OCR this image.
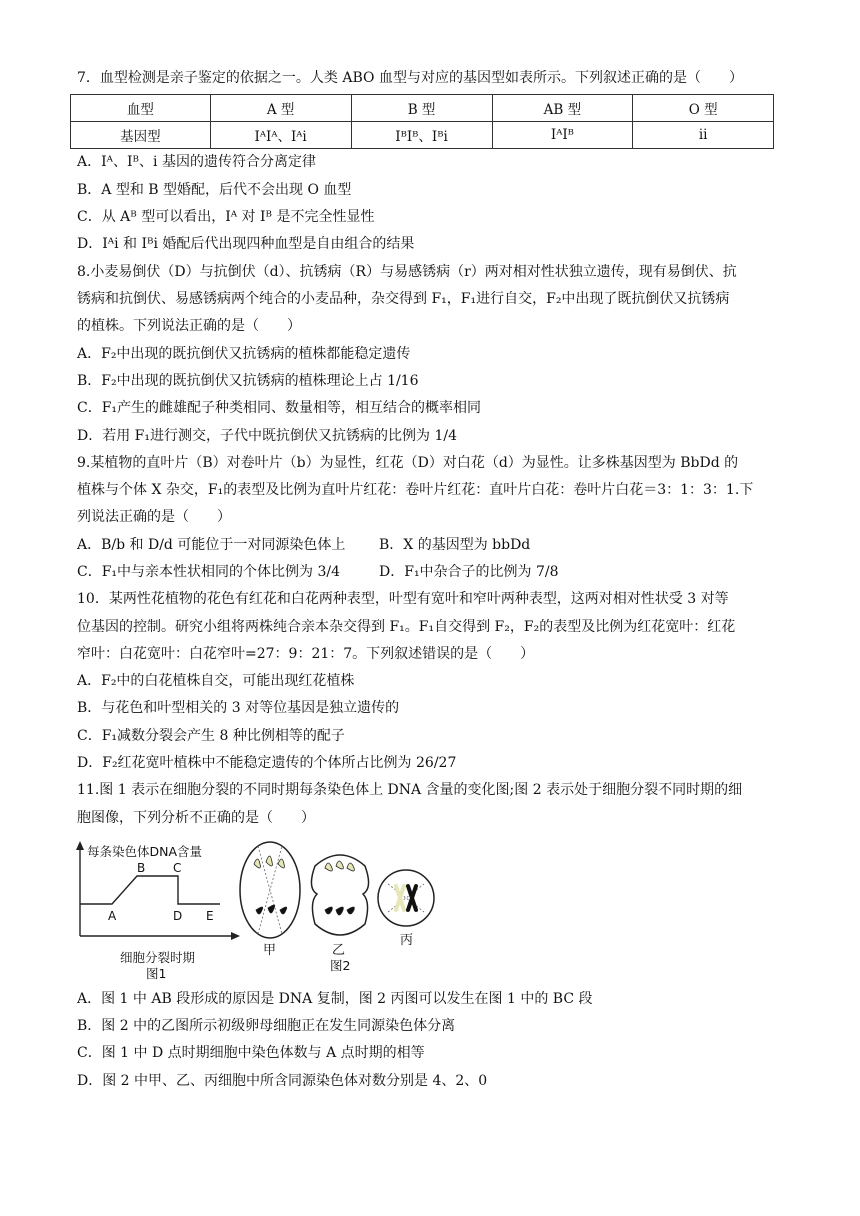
7．血型检测是亲子鉴定的依据之一。人类 ABO 血型与对应的基因型如表所示。下列叙述正确的是（　　）
血型	A 型	B 型	AB 型	O 型
基因型	IᴬIᴬ、Iᴬi	IᴮIᴮ、Iᴮi	IᴬIᴮ	ii
A．Iᴬ、Iᴮ、i 基因的遗传符合分离定律
B．A 型和 B 型婚配，后代不会出现 O 血型
C．从 Aᴮ 型可以看出，Iᴬ 对 Iᴮ 是不完全性显性
D．Iᴬi 和 Iᴮi 婚配后代出现四种血型是自由组合的结果
8.小麦易倒伏（D）与抗倒伏（d）、抗锈病（R）与易感锈病（r）两对相对性状独立遗传，现有易倒伏、抗
锈病和抗倒伏、易感锈病两个纯合的小麦品种，杂交得到 F₁，F₁进行自交，F₂中出现了既抗倒伏又抗锈病
的植株。下列说法正确的是（　　）
A．F₂中出现的既抗倒伏又抗锈病的植株都能稳定遗传
B．F₂中出现的既抗倒伏又抗锈病的植株理论上占 1/16
C．F₁产生的雌雄配子种类相同、数量相等，相互结合的概率相同
D．若用 F₁进行测交，子代中既抗倒伏又抗锈病的比例为 1/4
9.某植物的直叶片（B）对卷叶片（b）为显性，红花（D）对白花（d）为显性。让多株基因型为 BbDd 的
植株与个体 X 杂交，F₁的表型及比例为直叶片红花：卷叶片红花：直叶片白花：卷叶片白花＝3：1：3：1.下
列说法正确的是（　　）
A．B/b 和 D/d 可能位于一对同源染色体上	B．X 的基因型为 bbDd
C．F₁中与亲本性状相同的个体比例为 3/4	D．F₁中杂合子的比例为 7/8
10．某两性花植物的花色有红花和白花两种表型，叶型有宽叶和窄叶两种表型，这两对相对性状受 3 对等
位基因的控制。研究小组将两株纯合亲本杂交得到 F₁。F₁自交得到 F₂，F₂的表型及比例为红花宽叶：红花
窄叶：白花宽叶：白花窄叶=27：9：21：7。下列叙述错误的是（　　）
A．F₂中的白花植株自交，可能出现红花植株
B．与花色和叶型相关的 3 对等位基因是独立遗传的
C．F₁减数分裂会产生 8 种比例相等的配子
D．F₂红花宽叶植株中不能稳定遗传的个体所占比例为 26/27
11.图 1 表示在细胞分裂的不同时期每条染色体上 DNA 含量的变化图;图 2 表示处于细胞分裂不同时期的细
胞图像，下列分析不正确的是（　　）
每条染色体DNA含量
A
B C
D E
细胞分裂时期
图1
甲	乙
图2
丙
A．图 1 中 AB 段形成的原因是 DNA 复制，图 2 丙图可以发生在图 1 中的 BC 段
B．图 2 中的乙图所示初级卵母细胞正在发生同源染色体分离
C．图 1 中 D 点时期细胞中染色体数与 A 点时期的相等
D．图 2 中甲、乙、丙细胞中所含同源染色体对数分别是 4、2、0
